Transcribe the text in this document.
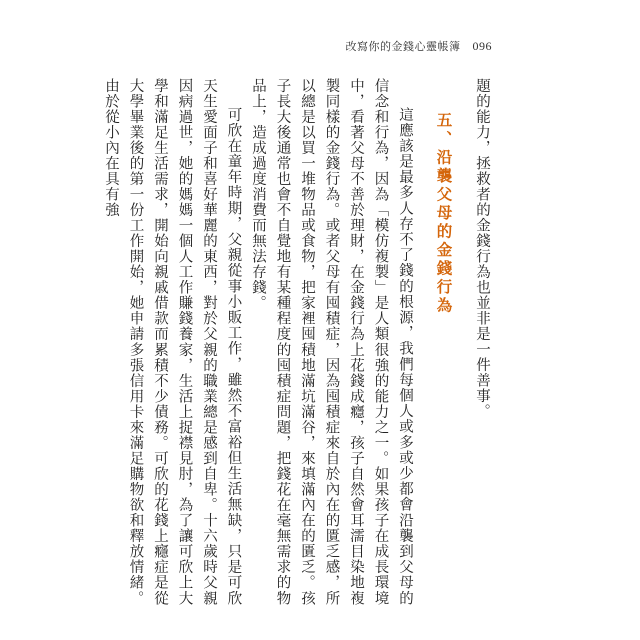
改寫你的金錢心靈帳簿 096

題的能力，拯救者的金錢行為也並非是一件善事。

五、沿襲父母的金錢行為

這應該是最多人存不了錢的根源，我們每個人或多或少都會沿襲到父母的信念和行為，因為「模仿複製」是人類很強的能力之一。如果孩子在成長環境中，看著父母不善於理財，在金錢行為上花錢成癮，孩子自然會耳濡目染地複製同樣的金錢行為。或者父母有囤積症，因為囤積症來自於內在的匱乏感，所以總是以買一堆物品或食物，把家裡囤積地滿坑滿谷，來填滿內在的匱乏。孩子長大後通常也會不自覺地有某種程度的囤積症問題，把錢花在毫無需求的物品上，造成過度消費而無法存錢。

可欣在童年時期，父親從事小販工作，雖然不富裕但生活無缺，只是可欣天生愛面子和喜好華麗的東西，對於父親的職業總是感到自卑。十六歲時父親因病過世，她的媽媽一個人工作賺錢養家，生活上捉襟見肘，為了讓可欣上大學和滿足生活需求，開始向親戚借款而累積不少債務。可欣的花錢上癮症是從大學畢業後的第一份工作開始，她申請多張信用卡來滿足購物欲和釋放情緒。由於從小內在具有強
